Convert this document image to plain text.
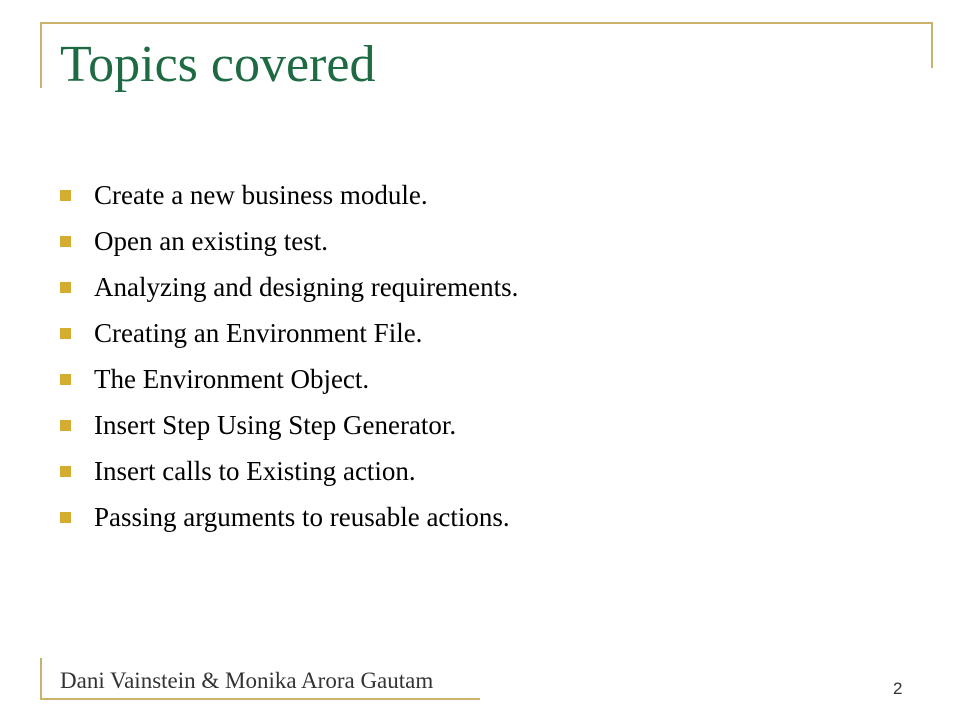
Topics covered
Create a new business module.
Open an existing test.
Analyzing and designing requirements.
Creating an Environment File.
The Environment Object.
Insert Step Using Step Generator.
Insert calls to Existing action.
Passing arguments to reusable actions.
Dani Vainstein & Monika Arora Gautam	2
